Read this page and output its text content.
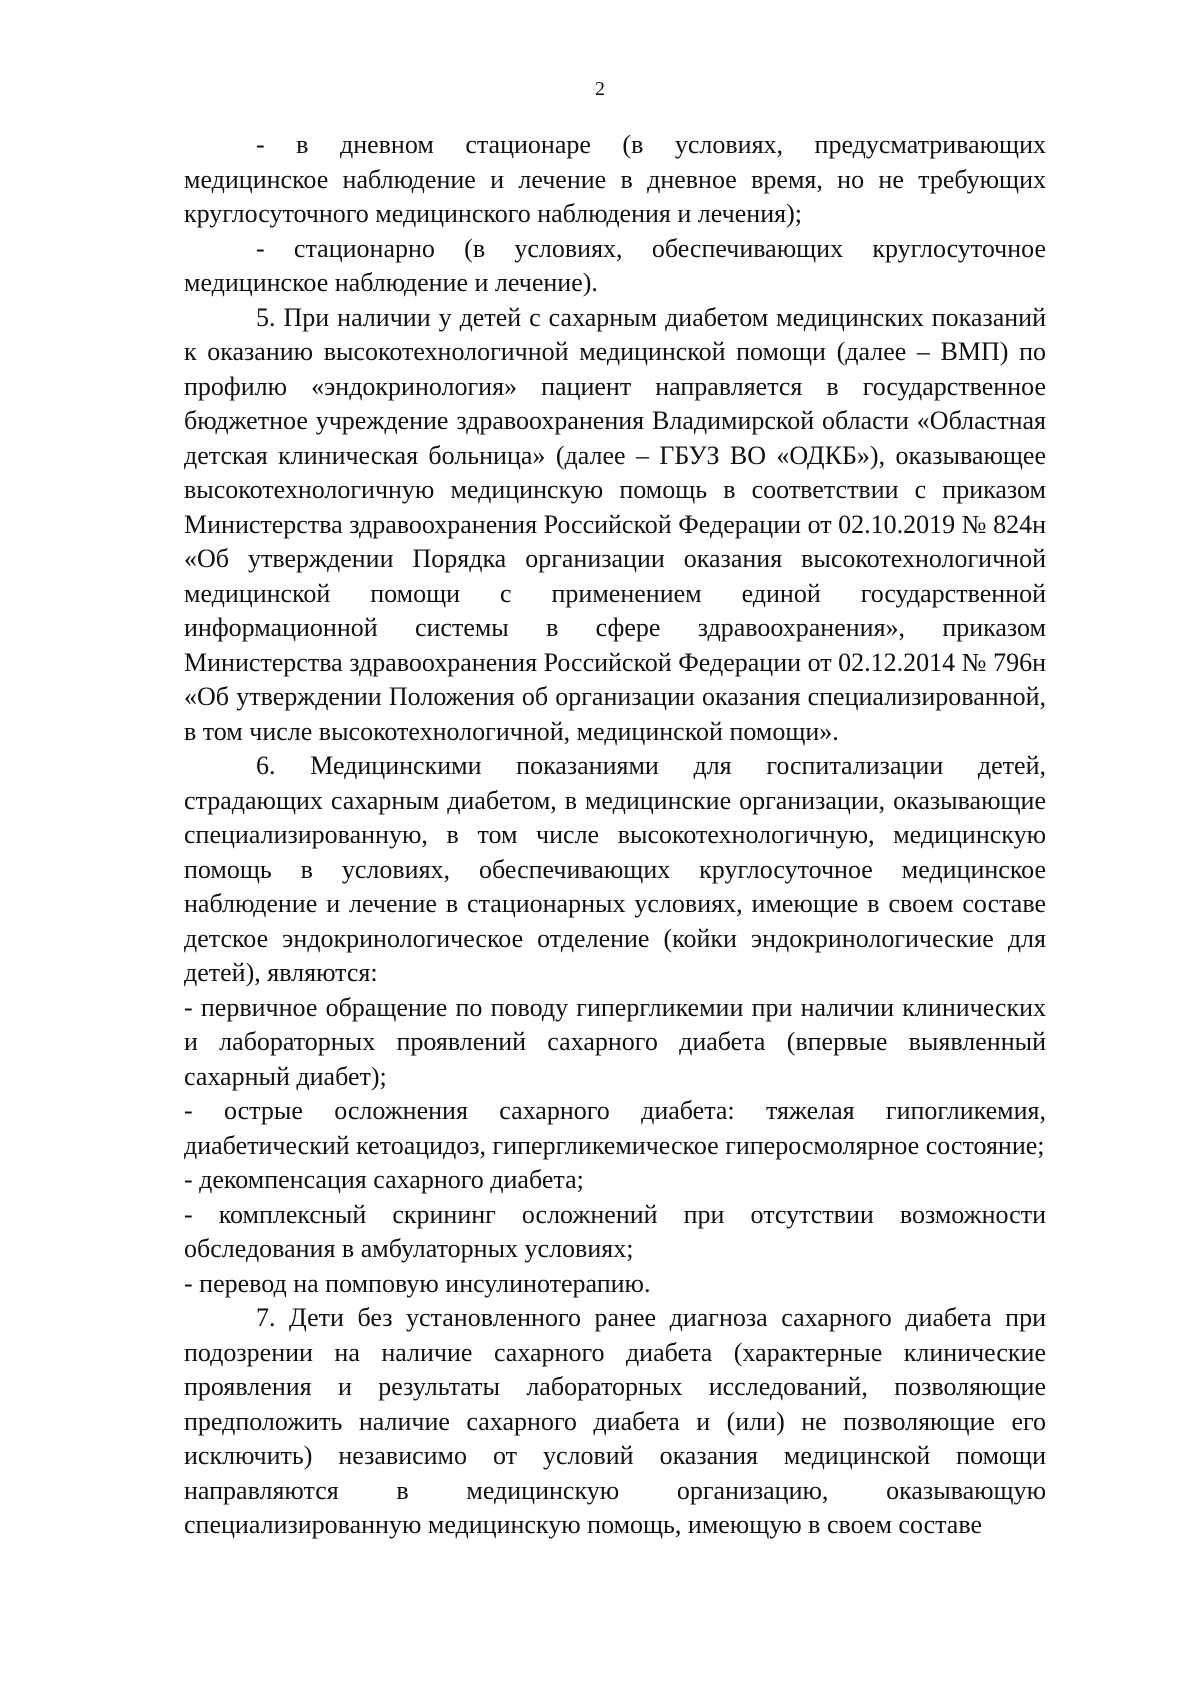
2

- в дневном стационаре (в условиях, предусматривающих медицинское наблюдение и лечение в дневное время, но не требующих круглосуточного медицинского наблюдения и лечения);

- стационарно (в условиях, обеспечивающих круглосуточное медицинское наблюдение и лечение).

5. При наличии у детей с сахарным диабетом медицинских показаний к оказанию высокотехнологичной медицинской помощи (далее – ВМП) по профилю «эндокринология» пациент направляется в государственное бюджетное учреждение здравоохранения Владимирской области «Областная детская клиническая больница» (далее – ГБУЗ ВО «ОДКБ»), оказывающее высокотехнологичную медицинскую помощь в соответствии с приказом Министерства здравоохранения Российской Федерации от 02.10.2019 № 824н «Об утверждении Порядка организации оказания высокотехнологичной медицинской помощи с применением единой государственной информационной системы в сфере здравоохранения», приказом Министерства здравоохранения Российской Федерации от 02.12.2014 № 796н «Об утверждении Положения об организации оказания специализированной, в том числе высокотехнологичной, медицинской помощи».

6. Медицинскими показаниями для госпитализации детей, страдающих сахарным диабетом, в медицинские организации, оказывающие специализированную, в том числе высокотехнологичную, медицинскую помощь в условиях, обеспечивающих круглосуточное медицинское наблюдение и лечение в стационарных условиях, имеющие в своем составе детское эндокринологическое отделение (койки эндокринологические для детей), являются:

- первичное обращение по поводу гипергликемии при наличии клинических и лабораторных проявлений сахарного диабета (впервые выявленный сахарный диабет);

- острые осложнения сахарного диабета: тяжелая гипогликемия, диабетический кетоацидоз, гипергликемическое гиперосмолярное состояние;

- декомпенсация сахарного диабета;

- комплексный скрининг осложнений при отсутствии возможности обследования в амбулаторных условиях;

- перевод на помповую инсулинотерапию.

7. Дети без установленного ранее диагноза сахарного диабета при подозрении на наличие сахарного диабета (характерные клинические проявления и результаты лабораторных исследований, позволяющие предположить наличие сахарного диабета и (или) не позволяющие его исключить) независимо от условий оказания медицинской помощи направляются в медицинскую организацию, оказывающую специализированную медицинскую помощь, имеющую в своем составе
